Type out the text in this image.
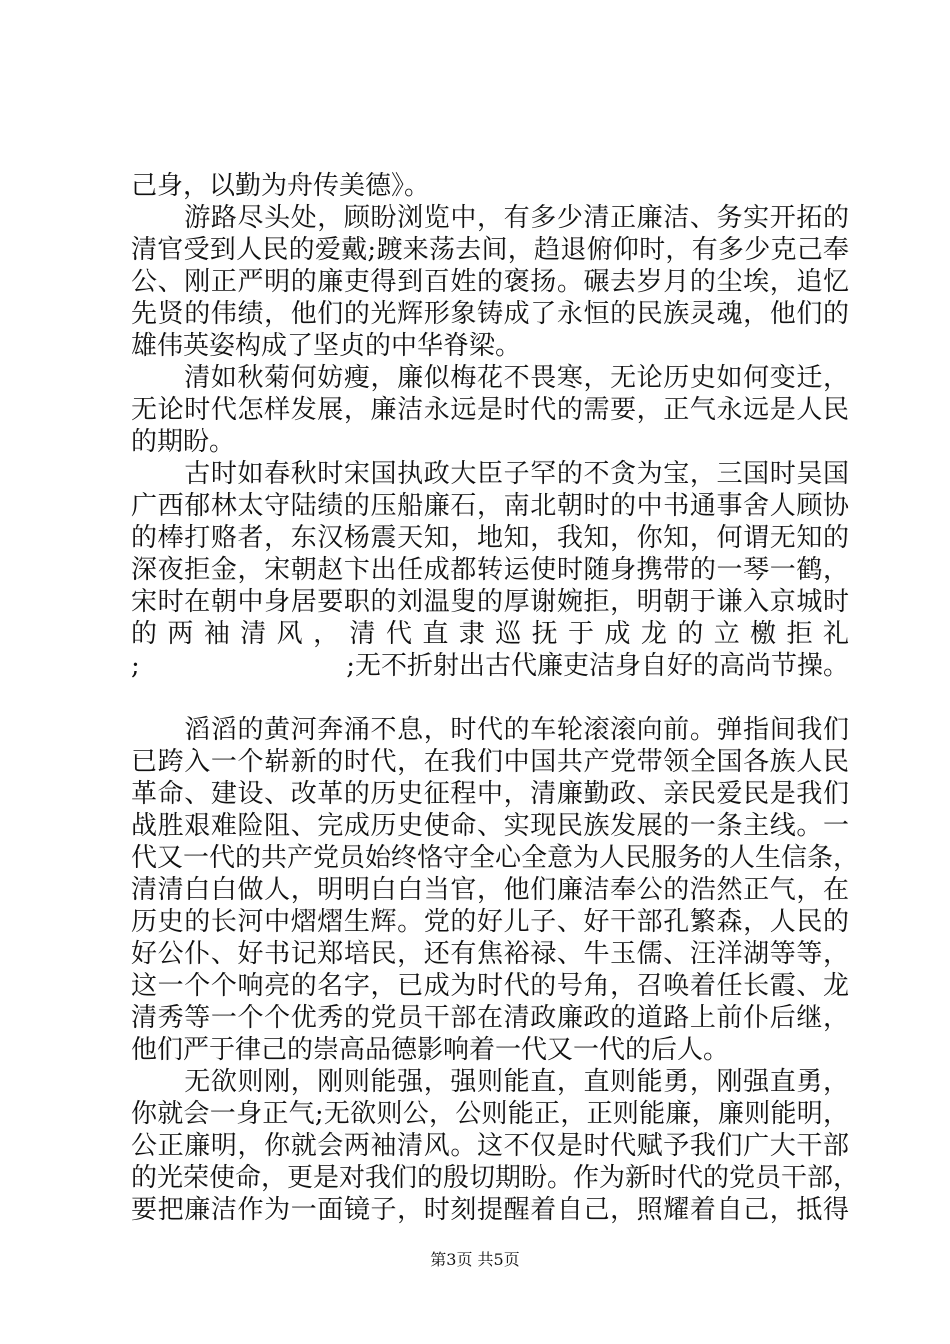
己身，以勤为舟传美德》。
　　游路尽头处，顾盼浏览中，有多少清正廉洁、务实开拓的
清官受到人民的爱戴;踱来荡去间，趋退俯仰时，有多少克己奉
公、刚正严明的廉吏得到百姓的褒扬。碾去岁月的尘埃，追忆
先贤的伟绩，他们的光辉形象铸成了永恒的民族灵魂，他们的
雄伟英姿构成了坚贞的中华脊梁。
　　清如秋菊何妨瘦，廉似梅花不畏寒，无论历史如何变迁，
无论时代怎样发展，廉洁永远是时代的需要，正气永远是人民
的期盼。
　　古时如春秋时宋国执政大臣子罕的不贪为宝，三国时吴国
广西郁林太守陆绩的压船廉石，南北朝时的中书通事舍人顾协
的棒打赂者，东汉杨震天知，地知，我知，你知，何谓无知的
深夜拒金，宋朝赵卞出任成都转运使时随身携带的一琴一鹤，
宋时在朝中身居要职的刘温叟的厚谢婉拒，明朝于谦入京城时
的 两 袖 清 风 ， 清 代 直 隶 巡 抚 于 成 龙 的 立 檄 拒 礼
;	;无不折射出古代廉吏洁身自好的高尚节操。
　　滔滔的黄河奔涌不息，时代的车轮滚滚向前。弹指间我们
已跨入一个崭新的时代，在我们中国共产党带领全国各族人民
革命、建设、改革的历史征程中，清廉勤政、亲民爱民是我们
战胜艰难险阻、完成历史使命、实现民族发展的一条主线。一
代又一代的共产党员始终恪守全心全意为人民服务的人生信条，
清清白白做人，明明白白当官，他们廉洁奉公的浩然正气，在
历史的长河中熠熠生辉。党的好儿子、好干部孔繁森，人民的
好公仆、好书记郑培民，还有焦裕禄、牛玉儒、汪洋湖等等，
这一个个响亮的名字，已成为时代的号角，召唤着任长霞、龙
清秀等一个个优秀的党员干部在清政廉政的道路上前仆后继，
他们严于律己的崇高品德影响着一代又一代的后人。
　　无欲则刚，刚则能强，强则能直，直则能勇，刚强直勇，
你就会一身正气;无欲则公，公则能正，正则能廉，廉则能明，
公正廉明，你就会两袖清风。这不仅是时代赋予我们广大干部
的光荣使命，更是对我们的殷切期盼。作为新时代的党员干部，
要把廉洁作为一面镜子，时刻提醒着自己，照耀着自己，抵得
第3页 共5页
